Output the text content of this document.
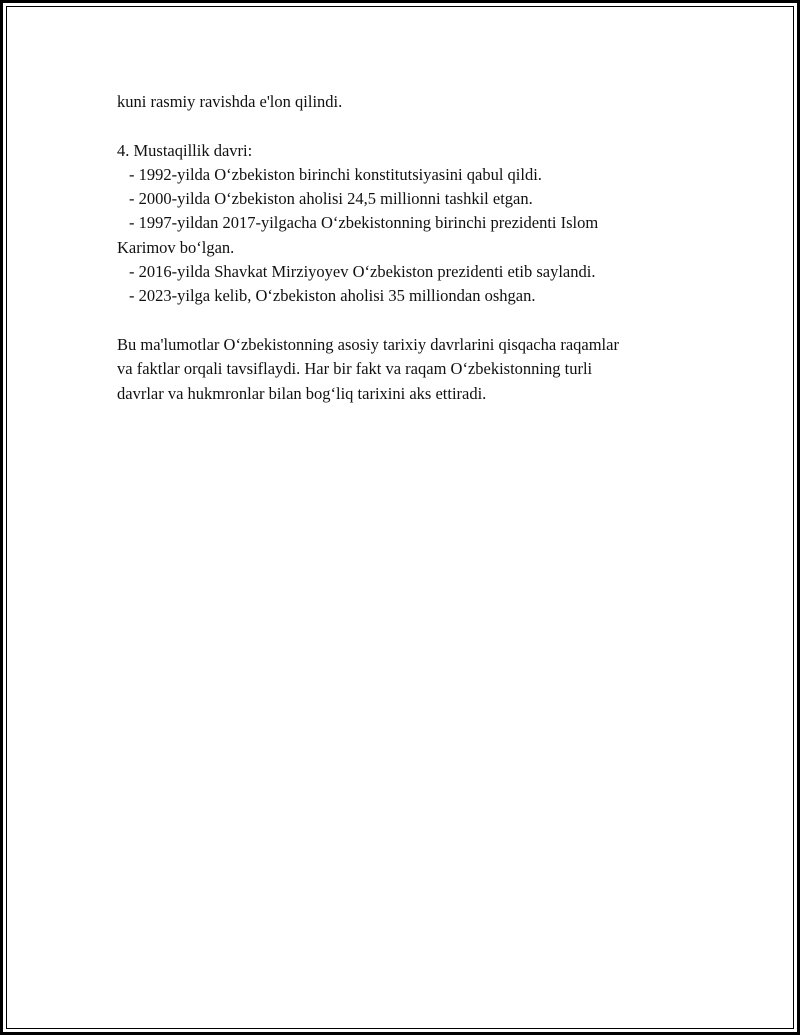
kuni rasmiy ravishda e'lon qilindi.
4. Mustaqillik davri:
- 1992-yilda O‘zbekiston birinchi konstitutsiyasini qabul qildi.
- 2000-yilda O‘zbekiston aholisi 24,5 millionni tashkil etgan.
- 1997-yildan 2017-yilgacha O‘zbekistonning birinchi prezidenti Islom
Karimov bo‘lgan.
- 2016-yilda Shavkat Mirziyoyev O‘zbekiston prezidenti etib saylandi.
- 2023-yilga kelib, O‘zbekiston aholisi 35 milliondan oshgan.
Bu ma'lumotlar O‘zbekistonning asosiy tarixiy davrlarini qisqacha raqamlar
va faktlar orqali tavsiflaydi. Har bir fakt va raqam O‘zbekistonning turli
davrlar va hukmronlar bilan bog‘liq tarixini aks ettiradi.
